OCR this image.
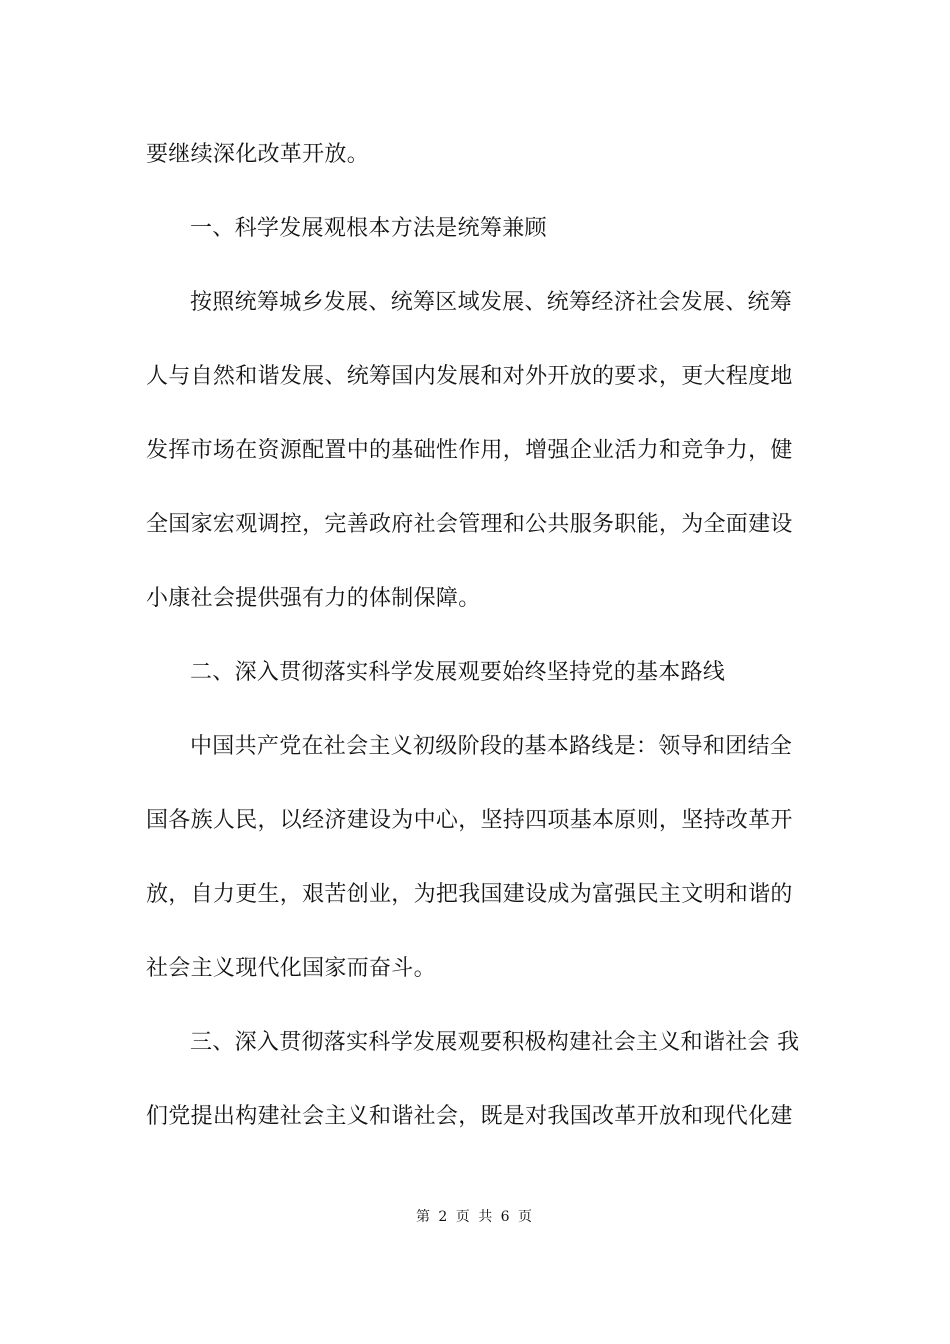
要继续深化改革开放。
一、科学发展观根本方法是统筹兼顾
按照统筹城乡发展、统筹区域发展、统筹经济社会发展、统筹
人与自然和谐发展、统筹国内发展和对外开放的要求，更大程度地
发挥市场在资源配置中的基础性作用，增强企业活力和竞争力，健
全国家宏观调控，完善政府社会管理和公共服务职能，为全面建设
小康社会提供强有力的体制保障。
二、深入贯彻落实科学发展观要始终坚持党的基本路线
中国共产党在社会主义初级阶段的基本路线是：领导和团结全
国各族人民，以经济建设为中心，坚持四项基本原则，坚持改革开
放，自力更生，艰苦创业，为把我国建设成为富强民主文明和谐的
社会主义现代化国家而奋斗。
三、深入贯彻落实科学发展观要积极构建社会主义和谐社会 我
们党提出构建社会主义和谐社会，既是对我国改革开放和现代化建
第 2 页 共 6 页
